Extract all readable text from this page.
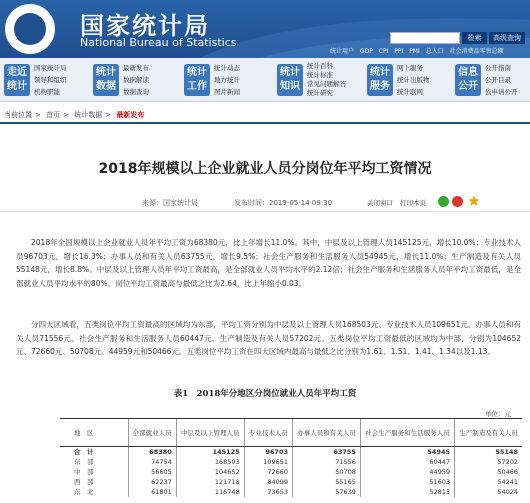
国家统计局
National Bureau of Statistics	检索	高级查询
统计用户 GDP CPI PPI PMI 总人口 社会消费品零售总额
走近统计
国家统计局
领导和组织
机构职能
统计数据
最新发布
数据解读
数据查询
统计工作
统计动态
地方统计
图片新闻
统计知识
统计百科
统计标准
常见问题解答
统计研究
统计服务
网上服务
统计出版物
统计联网
信息公开
公开指南
公开目录
依申请公开
当前位置 > 首页 > 统计数据 > 最新发布
2018年规模以上企业就业人员分岗位年平均工资情况
来源：国家统计局	发布时间：2019-05-14 09:30	关闭窗口 打印本页
2018年全国规模以上企业就业人员年平均工资为68380元，比上年增长11.0%。其中，中层及以上管理人员145125元，增长10.0%；专业技术人员96703元，增长16.3%；办事人员和有关人员63755元，增长9.5%；社会生产服务和生活服务人员54945元，增长11.0%；生产制造及有关人员55148元，增长8.8%。中层及以上管理人员年平均工资最高，是全部就业人员平均水平的2.12倍；社会生产服务和生活服务人员年平均工资最低，是全部就业人员平均水平的80%。岗位平均工资最高与最低之比为2.64，比上年缩小0.03。
分四大区域看，五类岗位平均工资最高的区域均为东部，平均工资分别为中层及以上管理人员168503元、专业技术人员109651元、办事人员和有关人员71556元、社会生产服务和生活服务人员60447元、生产制造及有关人员57202元。五类岗位平均工资最低的区域均为中部，分别为104652元、72660元、50708元、44959元和50466元。五类岗位平均工资在四大区域内最高与最低之比分别为1.61、1.51、1.41、1.34以及1.13。
表1　2018年分地区分岗位就业人员年平均工资
单位：元
地　区	全部就业人员	中层及以上管理人员	专业技术人员	办事人员和有关人员	社会生产服务和生活服务人员	生产制造及有关人员
合　计	68380	145125	96703	63755	54945	55148
东　部	74754	168503	109651	71556	60447	57202
中　部	56605	104652	72660	50708	44959	50466
西　部	62237	121718	84099	55165	51603	54241
东　北	61801	116748	73653	57639	52813	54024
